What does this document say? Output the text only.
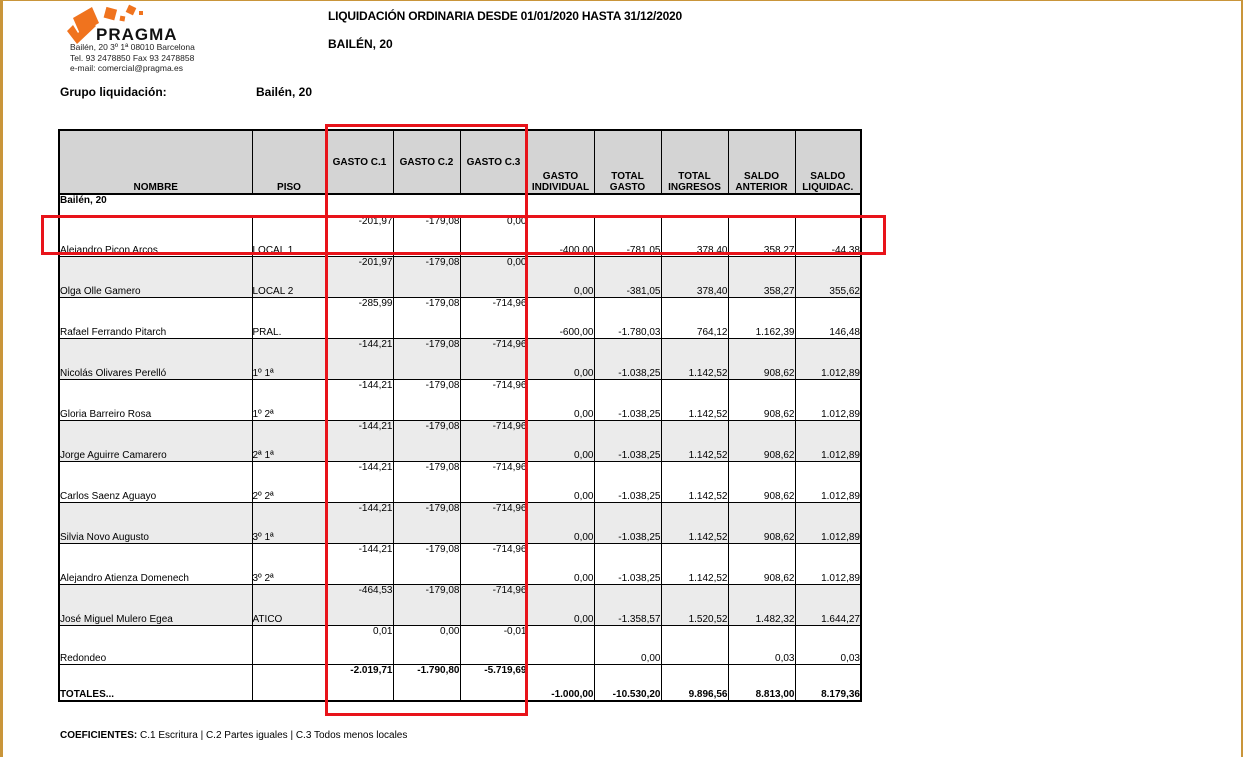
PRAGMA
Bailén, 20 3º 1ª 08010 Barcelona
Tel. 93 2478850 Fax 93 2478858
e-mail: comercial@pragma.es
LIQUIDACIÓN ORDINARIA DESDE 01/01/2020 HASTA 31/12/2020
BAILÉN, 20
Grupo liquidación:	Bailén, 20
NOMBRE	PISO	GASTO C.1	GASTO C.2	GASTO C.3	GASTO INDIVIDUAL	TOTAL GASTO	TOTAL INGRESOS	SALDO ANTERIOR	SALDO LIQUIDAC.
Bailén, 20									
Alejandro Picon Arcos	LOCAL 1	-201,97	-179,08	0,00	-400,00	-781,05	378,40	358,27	-44,38
Olga Olle Gamero	LOCAL 2	-201,97	-179,08	0,00	0,00	-381,05	378,40	358,27	355,62
Rafael Ferrando Pitarch	PRAL.	-285,99	-179,08	-714,96	-600,00	-1.780,03	764,12	1.162,39	146,48
Nicolás Olivares Perelló	1º 1ª	-144,21	-179,08	-714,96	0,00	-1.038,25	1.142,52	908,62	1.012,89
Gloria Barreiro Rosa	1º 2ª	-144,21	-179,08	-714,96	0,00	-1.038,25	1.142,52	908,62	1.012,89
Jorge Aguirre Camarero	2ª 1ª	-144,21	-179,08	-714,96	0,00	-1.038,25	1.142,52	908,62	1.012,89
Carlos Saenz Aguayo	2º 2ª	-144,21	-179,08	-714,96	0,00	-1.038,25	1.142,52	908,62	1.012,89
Silvia Novo Augusto	3º 1ª	-144,21	-179,08	-714,96	0,00	-1.038,25	1.142,52	908,62	1.012,89
Alejandro Atienza Domenech	3º 2ª	-144,21	-179,08	-714,96	0,00	-1.038,25	1.142,52	908,62	1.012,89
José Miguel Mulero Egea	ATICO	-464,53	-179,08	-714,96	0,00	-1.358,57	1.520,52	1.482,32	1.644,27
Redondeo		0,01	0,00	-0,01		0,00		0,03	0,03
TOTALES...		-2.019,71	-1.790,80	-5.719,69	-1.000,00	-10.530,20	9.896,56	8.813,00	8.179,36
COEFICIENTES: C.1 Escritura | C.2 Partes iguales | C.3 Todos menos locales
